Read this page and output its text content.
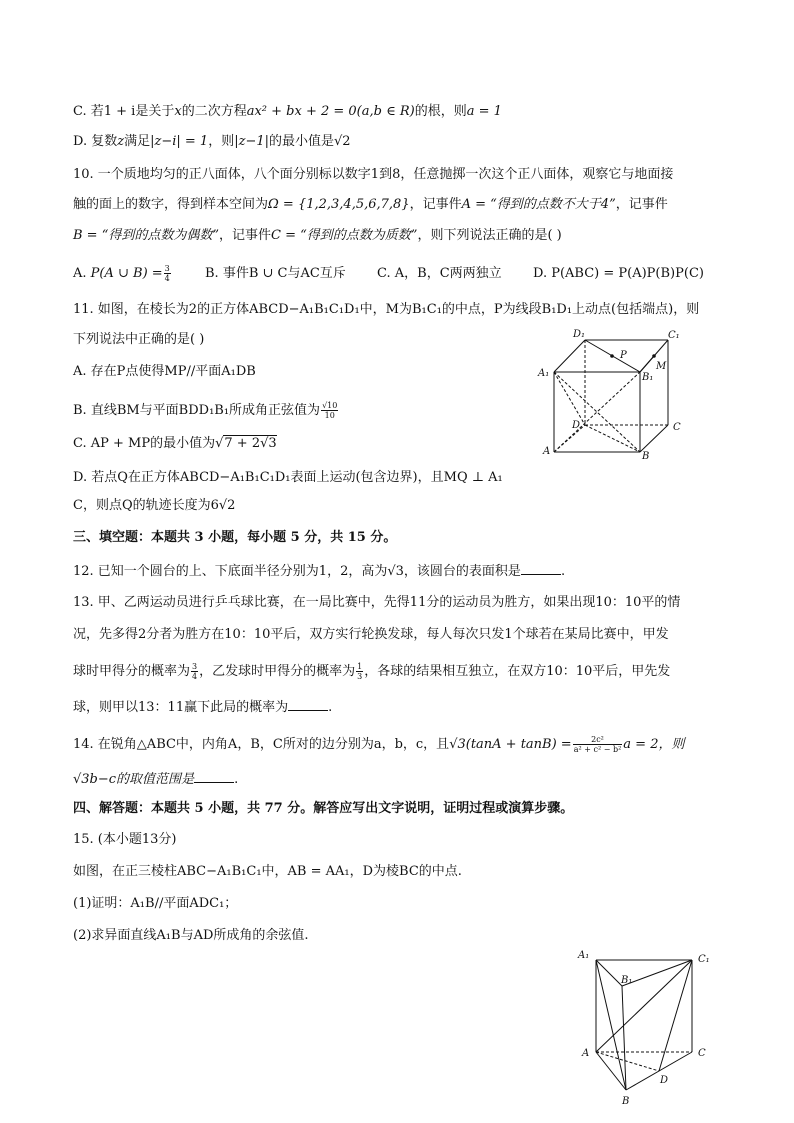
C. 若1 + i是关于x的二次方程ax² + bx + 2 = 0(a,b ∈ R)的根，则a = 1
D. 复数z满足|z−i| = 1，则|z−1|的最小值是√2
10. 一个质地均匀的正八面体，八个面分别标以数字1到8，任意抛掷一次这个正八面体，观察它与地面接
触的面上的数字，得到样本空间为Ω = {1,2,3,4,5,6,7,8}，记事件A = “得到的点数不大于4”，记事件
B = “得到的点数为偶数”，记事件C = “得到的点数为质数”，则下列说法正确的是( )
A. P(A ∪ $B) = \frac{3}{4}$	B. 事件B ∪ C与AC互斥 C. A，B，C两两独立 D. P(ABC) = P(A)P(B)P(C)
11. 如图，在棱长为2的正方体ABCD−A₁B₁C₁D₁中，M为B₁C₁的中点，P为线段B₁D₁上动点(包括端点)，则
下列说法中正确的是( )
A. 存在P点使得MP//平面A₁DB
B. 直线BM与平面BDD₁B₁所成角正弦值为 $\frac{√10}{10}$
C. AP + MP的最小值为√7 + 2√3
D. 若点Q在正方体ABCD−A₁B₁C₁D₁表面上运动(包含边界)，且MQ ⊥ A₁
C，则点Q的轨迹长度为6√2
三、填空题：本题共 3 小题，每小题 5 分，共 15 分。
12. 已知一个圆台的上、下底面半径分别为1，2，高为√3，该圆台的表面积是	.
13. 甲、乙两运动员进行乒乓球比赛，在一局比赛中，先得11分的运动员为胜方，如果出现10：10平的情
况，先多得2分者为胜方在10：10平后，双方实行轮换发球，每人每次只发1个球若在某局比赛中，甲发
球时甲得分的概率为 $\frac{3}{4}$ ，乙发球时甲得分的概率为 $\frac{1}{3}$ ，各球的结果相互独立，在双方10：10平后，甲先发
球，则甲以13：11赢下此局的概率为	.
14. 在锐角△ABC中，内角A，B，C所对的边分别为a，b，c，且$√3(\tan A + \tan B) = \frac{\text{2c²}}{\text{a² + c² − b²}}$ a = 2，则
√3b−c的取值范围是	.
四、解答题：本题共 5 小题，共 77 分。解答应写出文字说明，证明过程或演算步骤。
15. (本小题13分)
如图，在正三棱柱ABC−A₁B₁C₁中，AB = AA₁，D为棱BC的中点.
(1)证明：A₁B//平面ADC₁；
(2)求异面直线A₁B与AD所成角的余弦值.
D₁	C₁
A₁	B₁
P
M
D	C
A	B
A₁	C₁
B₁
A	C
D
B
